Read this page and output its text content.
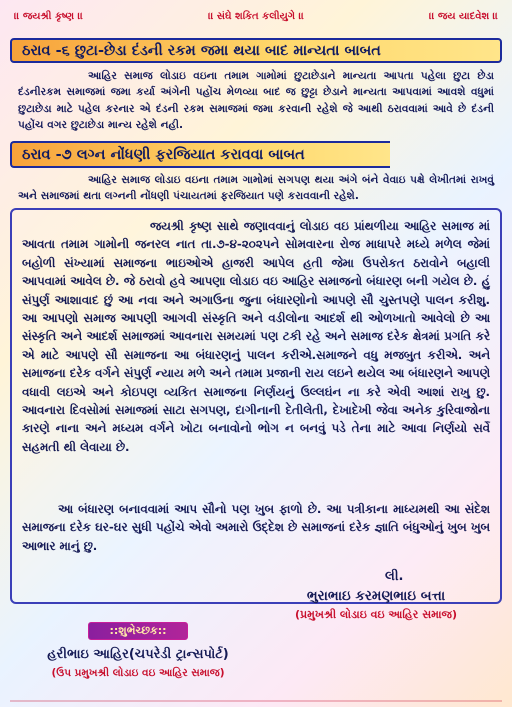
।। જયશ્રી કૃષ્ણ ।।	।। સંઘે શકિત કલીયુગે ।।	।। જય યાદવેશ ।।
ઠરાવ -૬ છુટા-છેડા દંડની રકમ જમા થયા બાદ માન્યતા બાબત

આહિર સમાજ લોડાઇ વઇના તમામ ગામોમાં છુટાછેડાને માન્યતા આપતા પહેલા છુટા છેડા દંડનીરકમ સમાજમાં જમા કર્યા અંગેની પહોંચ મેળવ્યા બાદ જ છુટ્ટા છેડાને માન્યતા આપવામાં આવશે વધુમાં છુટાછેડા માટે પહેલ કરનાર એ દંડની રકમ સમાજમાં જમા કરવાની રહેશે જે આથી ઠરાવવામાં આવે છે દંડની પહોંચ વગર છુટાછેડા માન્ય રહેશે નહી.

ઠરાવ -૭ લગ્ન નોંધણી ફરજિયાત કરાવવા બાબત

આહિર સમાજ લોડાઇ વઇના તમામ ગામોમાં સગપણ થયા અંગે બંને વેવાઇ પક્ષે લેખીતમાં રાખવું અને સમાજમાં થતા લગ્નની નોંધણી પંચાયતમાં ફરજિયાત પણે કરાવવાની રહેશે.

જયશ્રી કૃષ્ણ સાથે જણાવવાનું લોડાઇ વઇ પ્રાંથળીયા આહિર સમાજ માં આવતા તમામ ગામોની જનરલ નાત તા.૭-૪-૨૦૨૫ને સોમવારના રોજ માધાપરે મધ્યે મળેલ જેમાં બહોળી સંખ્યામાં સમાજના ભાઇઓએ હાજરી આપેલ હતી જેમા ઉપરોકત ઠરાવોને બહાલી આપવામાં આવેલ છે. જે ઠરાવો હવે આપણા લોડાઇ વઇ આહિર સમાજનો બંધારણ બની ગયેલ છે. હું સંપુર્ણ આશાવાદ છું આ નવા અને અગાઉના જુના બંધારણોનો આપણે સૌ ચુસ્તપણે પાલન કરીશુ. આ આપણો સમાજ આપણી આગવી સંસ્કૃતિ અને વડીલોના આદર્શ થી ઓળખાતો આવેલો છે આ સંસ્કૃતિ અને આદર્શ સમાજમાં આવનારા સમયમાં પણ ટકી રહે અને સમાજ દરેક ક્ષેત્રમાં પ્રગતિ કરે એ માટે આપણે સૌ સમાજના આ બંધારણનું પાલન કરીએ.સમાજને વધુ મજબુત કરીએ. અને સમાજના દરેક વર્ગને સંપુર્ણ ન્યાય મળે અને તમામ પ્રજાની રાય લઇને થયેલ આ બંધારણને આપણે વધાવી લઇએ અને કોઇપણ વ્યકિત સમાજના નિર્ણયનું ઉલ્લઘંન ના કરે એવી આશાં રાખુ છુ. આવનારા દિવસોમાં સમાજમાં સાટા સગપણ, દાગીનાની દેતીલેતી, દેખાદેખી જેવા અનેક કુરિવાજોના કારણે નાના અને મધ્યમ વર્ગને ખોટા બનાવોનો ભોગ ન બનવું પડે તેના માટે આવા નિર્ણયો સર્વે સહમતી થી લેવાયા છે.

આ બંધારણ બનાવવામાં આપ સૌનો પણ ખુબ ફાળો છે. આ પત્રીકાના માધ્યમથી આ સંદેશ સમાજના દરેક ઘર-ઘર સુધી પહોંચે એવો અમારો ઉદ્દેશ છે સમાજનાં દરેક જ્ઞાતિ બંધુઓનું ખુબ ખુબ આભાર માનું છુ.

લી.
ભુરાભાઇ કરમણભાઇ બત્તા
(પ્રમુખશ્રી લોડાઇ વઇ આહિર સમાજ)
::શુભેચ્છક::
હરીભાઇ આહિર(ચપરેડી ટ્રાન્સપોર્ટ)
(ઉપ પ્રમુખશ્રી લોડાઇ વઇ આહિર સમાજ)
